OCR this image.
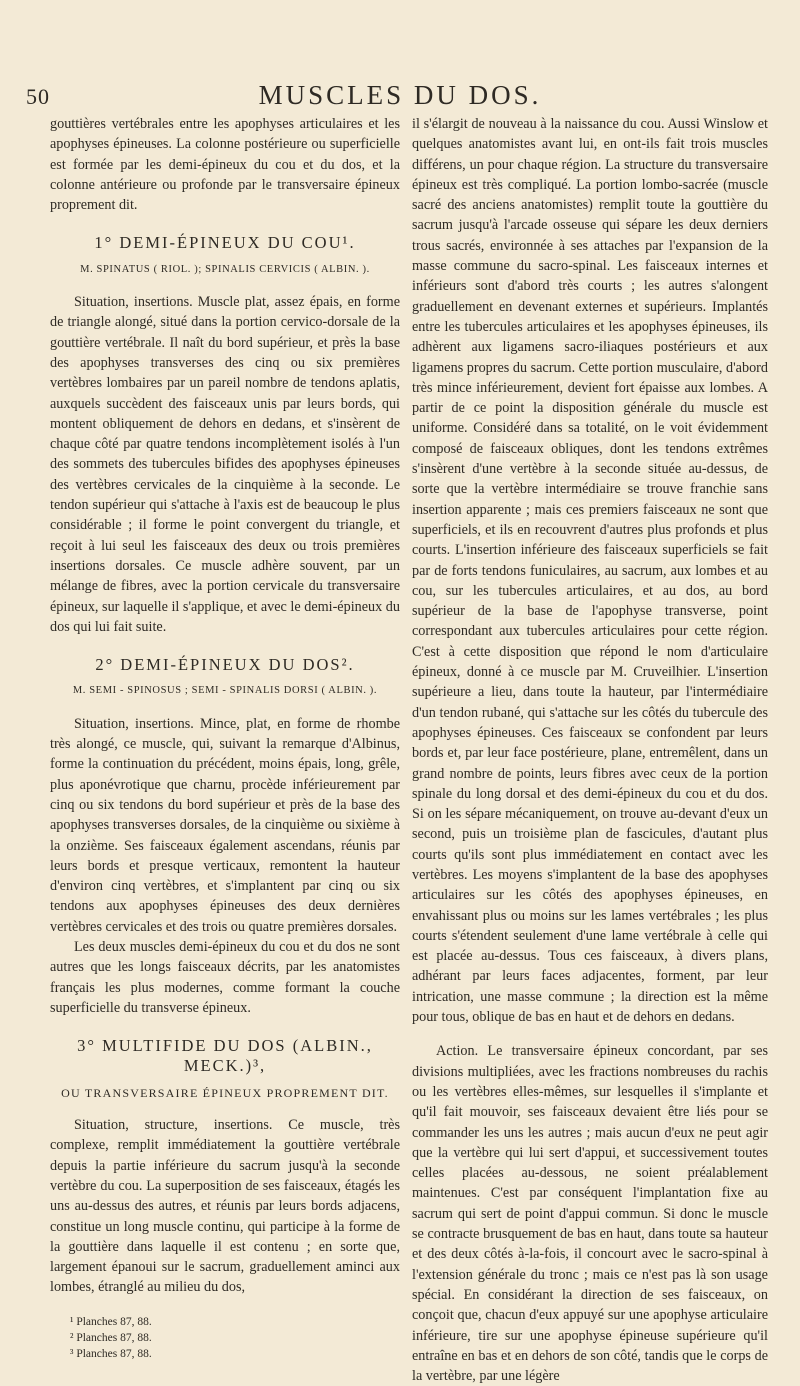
50	MUSCLES DU DOS.

gouttières vertébrales entre les apophyses articulaires et les apophyses épineuses. La colonne postérieure ou superficielle est formée par les demi-épineux du cou et du dos, et la colonne antérieure ou profonde par le transversaire épineux proprement dit.

1° DEMI-ÉPINEUX DU COU¹.
M. SPINATUS ( RIOL. ); SPINALIS CERVICIS ( ALBIN. ).

Situation, insertions. Muscle plat, assez épais, en forme de triangle alongé, situé dans la portion cervico-dorsale de la gouttière vertébrale. Il naît du bord supérieur, et près la base des apophyses transverses des cinq ou six premières vertèbres lombaires par un pareil nombre de tendons aplatis, auxquels succèdent des faisceaux unis par leurs bords, qui montent obliquement de dehors en dedans, et s'insèrent de chaque côté par quatre tendons incomplètement isolés à l'un des sommets des tubercules bifides des apophyses épineuses des vertèbres cervicales de la cinquième à la seconde. Le tendon supérieur qui s'attache à l'axis est de beaucoup le plus considérable ; il forme le point convergent du triangle, et reçoit à lui seul les faisceaux des deux ou trois premières insertions dorsales. Ce muscle adhère souvent, par un mélange de fibres, avec la portion cervicale du transversaire épineux, sur laquelle il s'applique, et avec le demi-épineux du dos qui lui fait suite.

2° DEMI-ÉPINEUX DU DOS².
M. SEMI - SPINOSUS ; SEMI - SPINALIS DORSI ( ALBIN. ).

Situation, insertions. Mince, plat, en forme de rhombe très alongé, ce muscle, qui, suivant la remarque d'Albinus, forme la continuation du précédent, moins épais, long, grêle, plus aponévrotique que charnu, procède inférieurement par cinq ou six tendons du bord supérieur et près de la base des apophyses transverses dorsales, de la cinquième ou sixième à la onzième. Ses faisceaux également ascendans, réunis par leurs bords et presque verticaux, remontent la hauteur d'environ cinq vertèbres, et s'implantent par cinq ou six tendons aux apophyses épineuses des deux dernières vertèbres cervicales et des trois ou quatre premières dorsales.

Les deux muscles demi-épineux du cou et du dos ne sont autres que les longs faisceaux décrits, par les anatomistes français les plus modernes, comme formant la couche superficielle du transverse épineux.

3° MULTIFIDE DU DOS (ALBIN., MECK.)³,
OU TRANSVERSAIRE ÉPINEUX PROPREMENT DIT.

Situation, structure, insertions. Ce muscle, très complexe, remplit immédiatement la gouttière vertébrale depuis la partie inférieure du sacrum jusqu'à la seconde vertèbre du cou. La superposition de ses faisceaux, étagés les uns au-dessus des autres, et réunis par leurs bords adjacens, constitue un long muscle continu, qui participe à la forme de la gouttière dans laquelle il est contenu ; en sorte que, largement épanoui sur le sacrum, graduellement aminci aux lombes, étranglé au milieu du dos,

¹ Planches 87, 88.
² Planches 87, 88.
³ Planches 87, 88.

il s'élargit de nouveau à la naissance du cou. Aussi Winslow et quelques anatomistes avant lui, en ont-ils fait trois muscles différens, un pour chaque région. La structure du transversaire épineux est très compliqué. La portion lombo-sacrée (muscle sacré des anciens anatomistes) remplit toute la gouttière du sacrum jusqu'à l'arcade osseuse qui sépare les deux derniers trous sacrés, environnée à ses attaches par l'expansion de la masse commune du sacro-spinal. Les faisceaux internes et inférieurs sont d'abord très courts ; les autres s'alongent graduellement en devenant externes et supérieurs. Implantés entre les tubercules articulaires et les apophyses épineuses, ils adhèrent aux ligamens sacro-iliaques postérieurs et aux ligamens propres du sacrum. Cette portion musculaire, d'abord très mince inférieurement, devient fort épaisse aux lombes. A partir de ce point la disposition générale du muscle est uniforme. Considéré dans sa totalité, on le voit évidemment composé de faisceaux obliques, dont les tendons extrêmes s'insèrent d'une vertèbre à la seconde située au-dessus, de sorte que la vertèbre intermédiaire se trouve franchie sans insertion apparente ; mais ces premiers faisceaux ne sont que superficiels, et ils en recouvrent d'autres plus profonds et plus courts. L'insertion inférieure des faisceaux superficiels se fait par de forts tendons funiculaires, au sacrum, aux lombes et au cou, sur les tubercules articulaires, et au dos, au bord supérieur de la base de l'apophyse transverse, point correspondant aux tubercules articulaires pour cette région. C'est à cette disposition que répond le nom d'articulaire épineux, donné à ce muscle par M. Cruveilhier. L'insertion supérieure a lieu, dans toute la hauteur, par l'intermédiaire d'un tendon rubané, qui s'attache sur les côtés du tubercule des apophyses épineuses. Ces faisceaux se confondent par leurs bords et, par leur face postérieure, plane, entremêlent, dans un grand nombre de points, leurs fibres avec ceux de la portion spinale du long dorsal et des demi-épineux du cou et du dos. Si on les sépare mécaniquement, on trouve au-devant d'eux un second, puis un troisième plan de fascicules, d'autant plus courts qu'ils sont plus immédiatement en contact avec les vertèbres. Les moyens s'implantent de la base des apophyses articulaires sur les côtés des apophyses épineuses, en envahissant plus ou moins sur les lames vertébrales ; les plus courts s'étendent seulement d'une lame vertébrale à celle qui est placée au-dessus. Tous ces faisceaux, à divers plans, adhérant par leurs faces adjacentes, forment, par leur intrication, une masse commune ; la direction est la même pour tous, oblique de bas en haut et de dehors en dedans.

Action. Le transversaire épineux concordant, par ses divisions multipliées, avec les fractions nombreuses du rachis ou les vertèbres elles-mêmes, sur lesquelles il s'implante et qu'il fait mouvoir, ses faisceaux devaient être liés pour se commander les uns les autres ; mais aucun d'eux ne peut agir que la vertèbre qui lui sert d'appui, et successivement toutes celles placées au-dessous, ne soient préalablement maintenues. C'est par conséquent l'implantation fixe au sacrum qui sert de point d'appui commun. Si donc le muscle se contracte brusquement de bas en haut, dans toute sa hauteur et des deux côtés à-la-fois, il concourt avec le sacro-spinal à l'extension générale du tronc ; mais ce n'est pas là son usage spécial. En considérant la direction de ses faisceaux, on conçoit que, chacun d'eux appuyé sur une apophyse articulaire inférieure, tire sur une apophyse épineuse supérieure qu'il entraîne en bas et en dehors de son côté, tandis que le corps de la vertèbre, par une légère
